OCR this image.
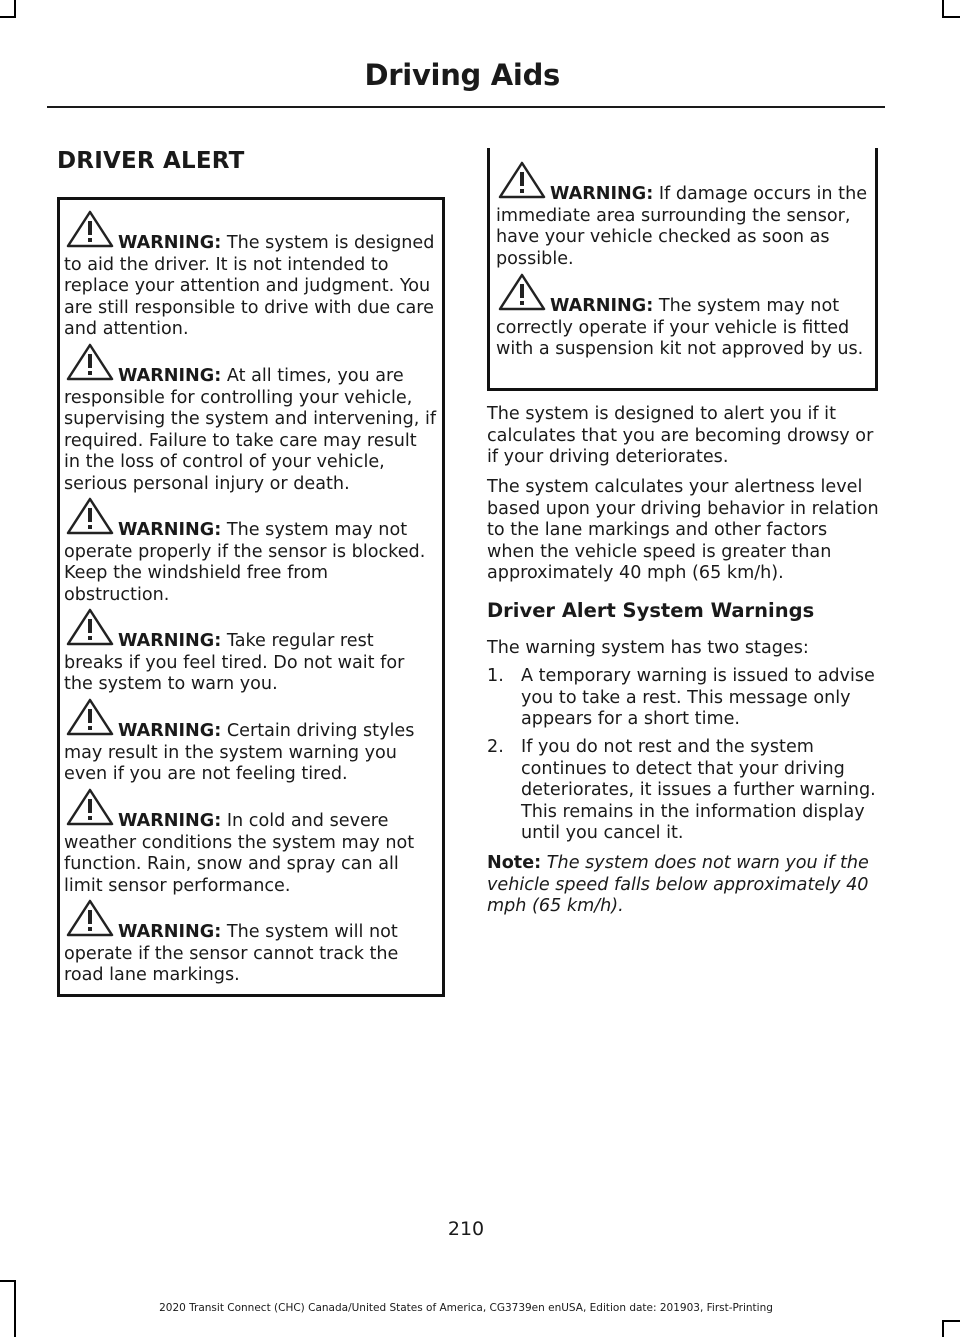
Driving Aids
DRIVER ALERT
WARNING: The system is designed to aid the driver. It is not intended to replace your attention and judgment. You are still responsible to drive with due care and attention.
WARNING: At all times, you are responsible for controlling your vehicle, supervising the system and intervening, if required. Failure to take care may result in the loss of control of your vehicle, serious personal injury or death.
WARNING: The system may not operate properly if the sensor is blocked. Keep the windshield free from obstruction.
WARNING: Take regular rest breaks if you feel tired. Do not wait for the system to warn you.
WARNING: Certain driving styles may result in the system warning you even if you are not feeling tired.
WARNING: In cold and severe weather conditions the system may not function. Rain, snow and spray can all limit sensor performance.
WARNING: The system will not operate if the sensor cannot track the road lane markings.
WARNING: If damage occurs in the immediate area surrounding the sensor, have your vehicle checked as soon as possible.
WARNING: The system may not correctly operate if your vehicle is fitted with a suspension kit not approved by us.

The system is designed to alert you if it calculates that you are becoming drowsy or if your driving deteriorates.

The system calculates your alertness level based upon your driving behavior in relation to the lane markings and other factors when the vehicle speed is greater than approximately 40 mph (65 km/h).

Driver Alert System Warnings

The warning system has two stages:

1. A temporary warning is issued to advise you to take a rest. This message only appears for a short time.
2. If you do not rest and the system continues to detect that your driving deteriorates, it issues a further warning. This remains in the information display until you cancel it.
Note: The system does not warn you if the vehicle speed falls below approximately 40 mph (65 km/h).
210
2020 Transit Connect (CHC) Canada/United States of America, CG3739en enUSA, Edition date: 201903, First-Printing
